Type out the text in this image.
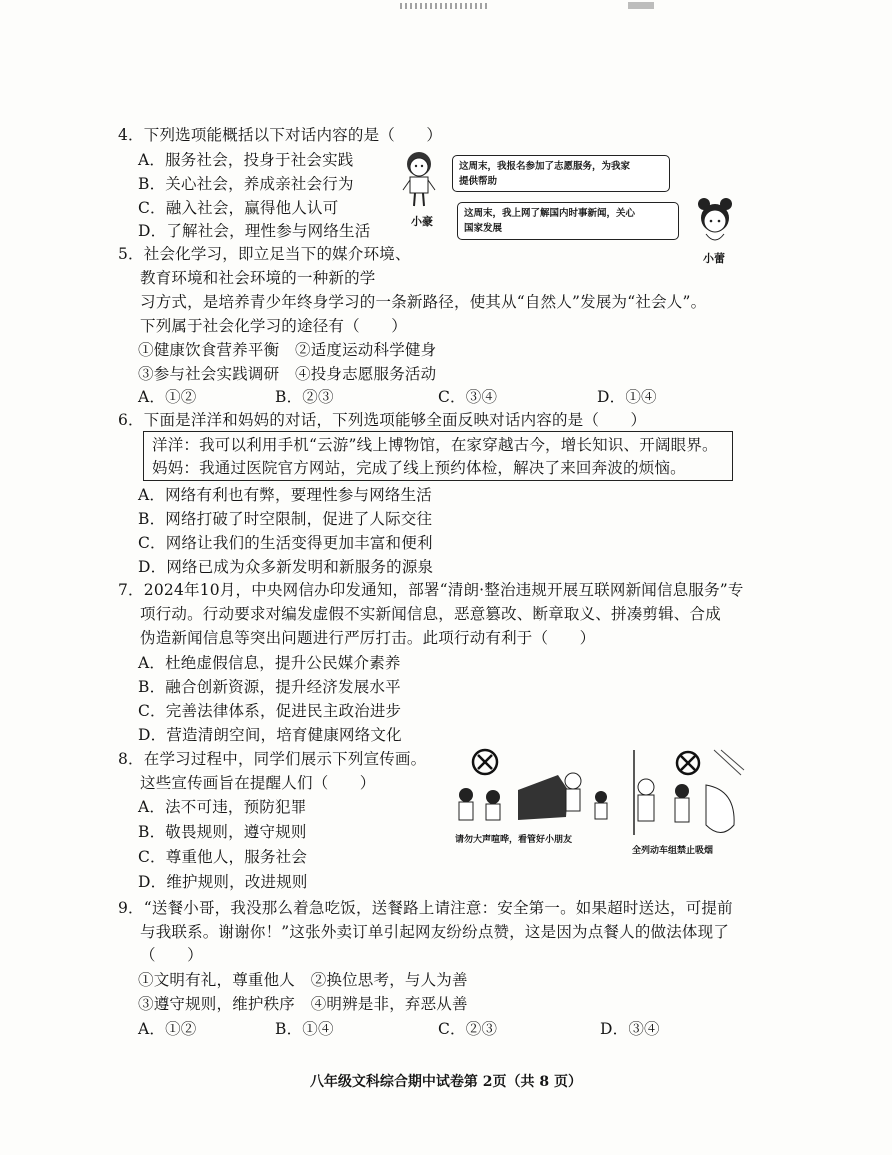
4．下列选项能概括以下对话内容的是（　　）
A．服务社会，投身于社会实践
B．关心社会，养成亲社会行为
C．融入社会，赢得他人认可
D．了解社会，理性参与网络生活
小豪
这周末，我报名参加了志愿服务，为我家
提供帮助
小蕾
这周末，我上网了解国内时事新闻，关心
国家发展
5．社会化学习，即立足当下的媒介环境、
教育环境和社会环境的一种新的学
习方式，是培养青少年终身学习的一条新路径，使其从“自然人”发展为“社会人”。
下列属于社会化学习的途径有（　　）
①健康饮食营养平衡　②适度运动科学健身
③参与社会实践调研　④投身志愿服务活动
A．①②	B．②③	C．③④	D．①④
6．下面是洋洋和妈妈的对话，下列选项能够全面反映对话内容的是（　　）
洋洋：我可以利用手机“云游”线上博物馆，在家穿越古今，增长知识、开阔眼界。
妈妈：我通过医院官方网站，完成了线上预约体检，解决了来回奔波的烦恼。
A．网络有利也有弊，要理性参与网络生活
B．网络打破了时空限制，促进了人际交往
C．网络让我们的生活变得更加丰富和便利
D．网络已成为众多新发明和新服务的源泉
7．2024年10月，中央网信办印发通知，部署“清朗·整治违规开展互联网新闻信息服务”专
项行动。行动要求对编发虚假不实新闻信息，恶意篡改、断章取义、拼凑剪辑、合成
伪造新闻信息等突出问题进行严厉打击。此项行动有利于（　　）
A．杜绝虚假信息，提升公民媒介素养
B．融合创新资源，提升经济发展水平
C．完善法律体系，促进民主政治进步
D．营造清朗空间，培育健康网络文化
8．在学习过程中，同学们展示下列宣传画。
这些宣传画旨在提醒人们（　　）
A．法不可违，预防犯罪
B．敬畏规则，遵守规则
C．尊重他人，服务社会
D．维护规则，改进规则
请勿大声喧哗，看管好小朋友
全列动车组禁止吸烟
9．“送餐小哥，我没那么着急吃饭，送餐路上请注意：安全第一。如果超时送达，可提前
与我联系。谢谢你！”这张外卖订单引起网友纷纷点赞，这是因为点餐人的做法体现了
（　　）
①文明有礼，尊重他人　②换位思考，与人为善
③遵守规则，维护秩序　④明辨是非，弃恶从善
A．①②	B．①④	C．②③	D．③④
八年级文科综合期中试卷第 2页（共 8 页）
